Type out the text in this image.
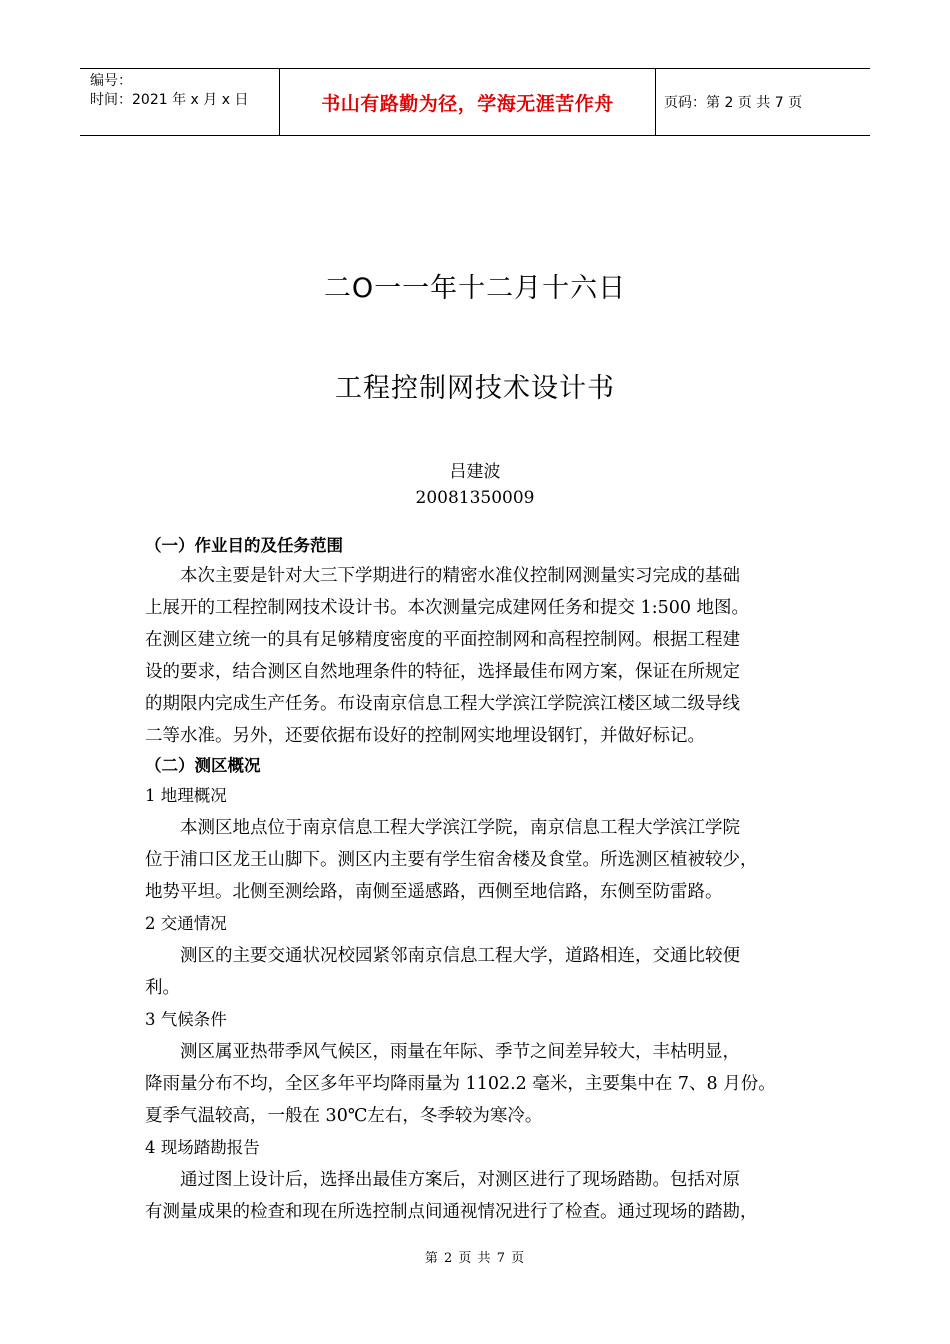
编号：
时间：2021 年 x 月 x 日	书山有路勤为径，学海无涯苦作舟	页码：第 2 页 共 7 页
二O一一年十二月十六日
工程控制网技术设计书
吕建波
20081350009
（一）作业目的及任务范围
　　本次主要是针对大三下学期进行的精密水准仪控制网测量实习完成的基础
上展开的工程控制网技术设计书。本次测量完成建网任务和提交 1:500 地图。
在测区建立统一的具有足够精度密度的平面控制网和高程控制网。根据工程建
设的要求，结合测区自然地理条件的特征，选择最佳布网方案，保证在所规定
的期限内完成生产任务。布设南京信息工程大学滨江学院滨江楼区域二级导线
二等水准。另外，还要依据布设好的控制网实地埋设钢钉，并做好标记。
（二）测区概况
1 地理概况
　　本测区地点位于南京信息工程大学滨江学院，南京信息工程大学滨江学院
位于浦口区龙王山脚下。测区内主要有学生宿舍楼及食堂。所选测区植被较少，
地势平坦。北侧至测绘路，南侧至遥感路，西侧至地信路，东侧至防雷路。
2 交通情况
　　测区的主要交通状况校园紧邻南京信息工程大学，道路相连，交通比较便
利。
3 气候条件
　　测区属亚热带季风气候区，雨量在年际、季节之间差异较大，丰枯明显，
降雨量分布不均，全区多年平均降雨量为 1102.2 毫米，主要集中在 7、8 月份。
夏季气温较高，一般在 30℃左右，冬季较为寒冷。
4 现场踏勘报告
　　通过图上设计后，选择出最佳方案后，对测区进行了现场踏勘。包括对原
有测量成果的检查和现在所选控制点间通视情况进行了检查。通过现场的踏勘，
第 2 页 共 7 页
